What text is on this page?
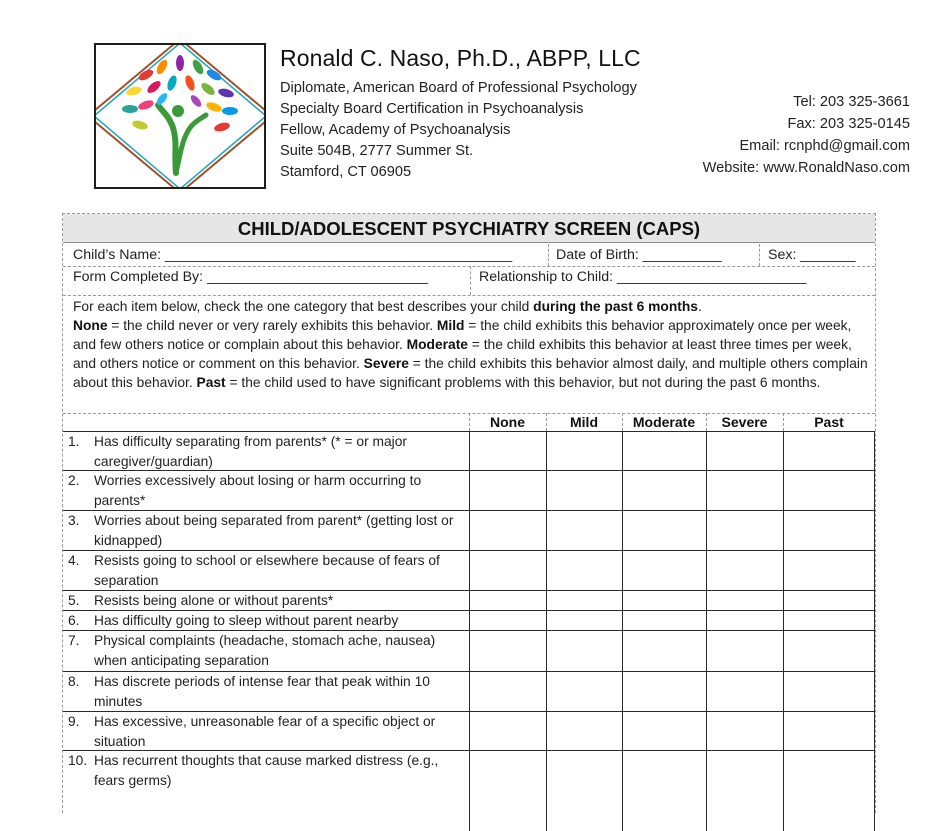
Ronald C. Naso, Ph.D., ABPP, LLC
Diplomate, American Board of Professional Psychology
Specialty Board Certification in Psychoanalysis
Fellow, Academy of Psychoanalysis
Suite 504B, 2777 Summer St.
Stamford, CT 06905
Tel: 203 325-3661
Fax: 203 325-0145
Email: rcnphd@gmail.com
Website: www.RonaldNaso.com
CHILD/ADOLESCENT PSYCHIATRY SCREEN (CAPS)
Child’s Name: ____________________________________________	Date of Birth: __________	Sex: _______
Form Completed By: ____________________________	Relationship to Child: ________________________
For each item below, check the one category that best describes your child during the past 6 months.
None = the child never or very rarely exhibits this behavior. Mild = the child exhibits this behavior approximately once per week, and few others notice or complain about this behavior. Moderate = the child exhibits this behavior at least three times per week, and others notice or comment on this behavior. Severe = the child exhibits this behavior almost daily, and multiple others complain about this behavior. Past = the child used to have significant problems with this behavior, but not during the past 6 months.
None	Mild	Moderate	Severe	Past
1. Has difficulty separating from parents* (* = or major caregiver/guardian)
2. Worries excessively about losing or harm occurring to parents*
3. Worries about being separated from parent* (getting lost or kidnapped)
4. Resists going to school or elsewhere because of fears of separation
5. Resists being alone or without parents*
6. Has difficulty going to sleep without parent nearby
7. Physical complaints (headache, stomach ache, nausea) when anticipating separation
8. Has discrete periods of intense fear that peak within 10 minutes
9. Has excessive, unreasonable fear of a specific object or situation
10. Has recurrent thoughts that cause marked distress (e.g., fears germs)
